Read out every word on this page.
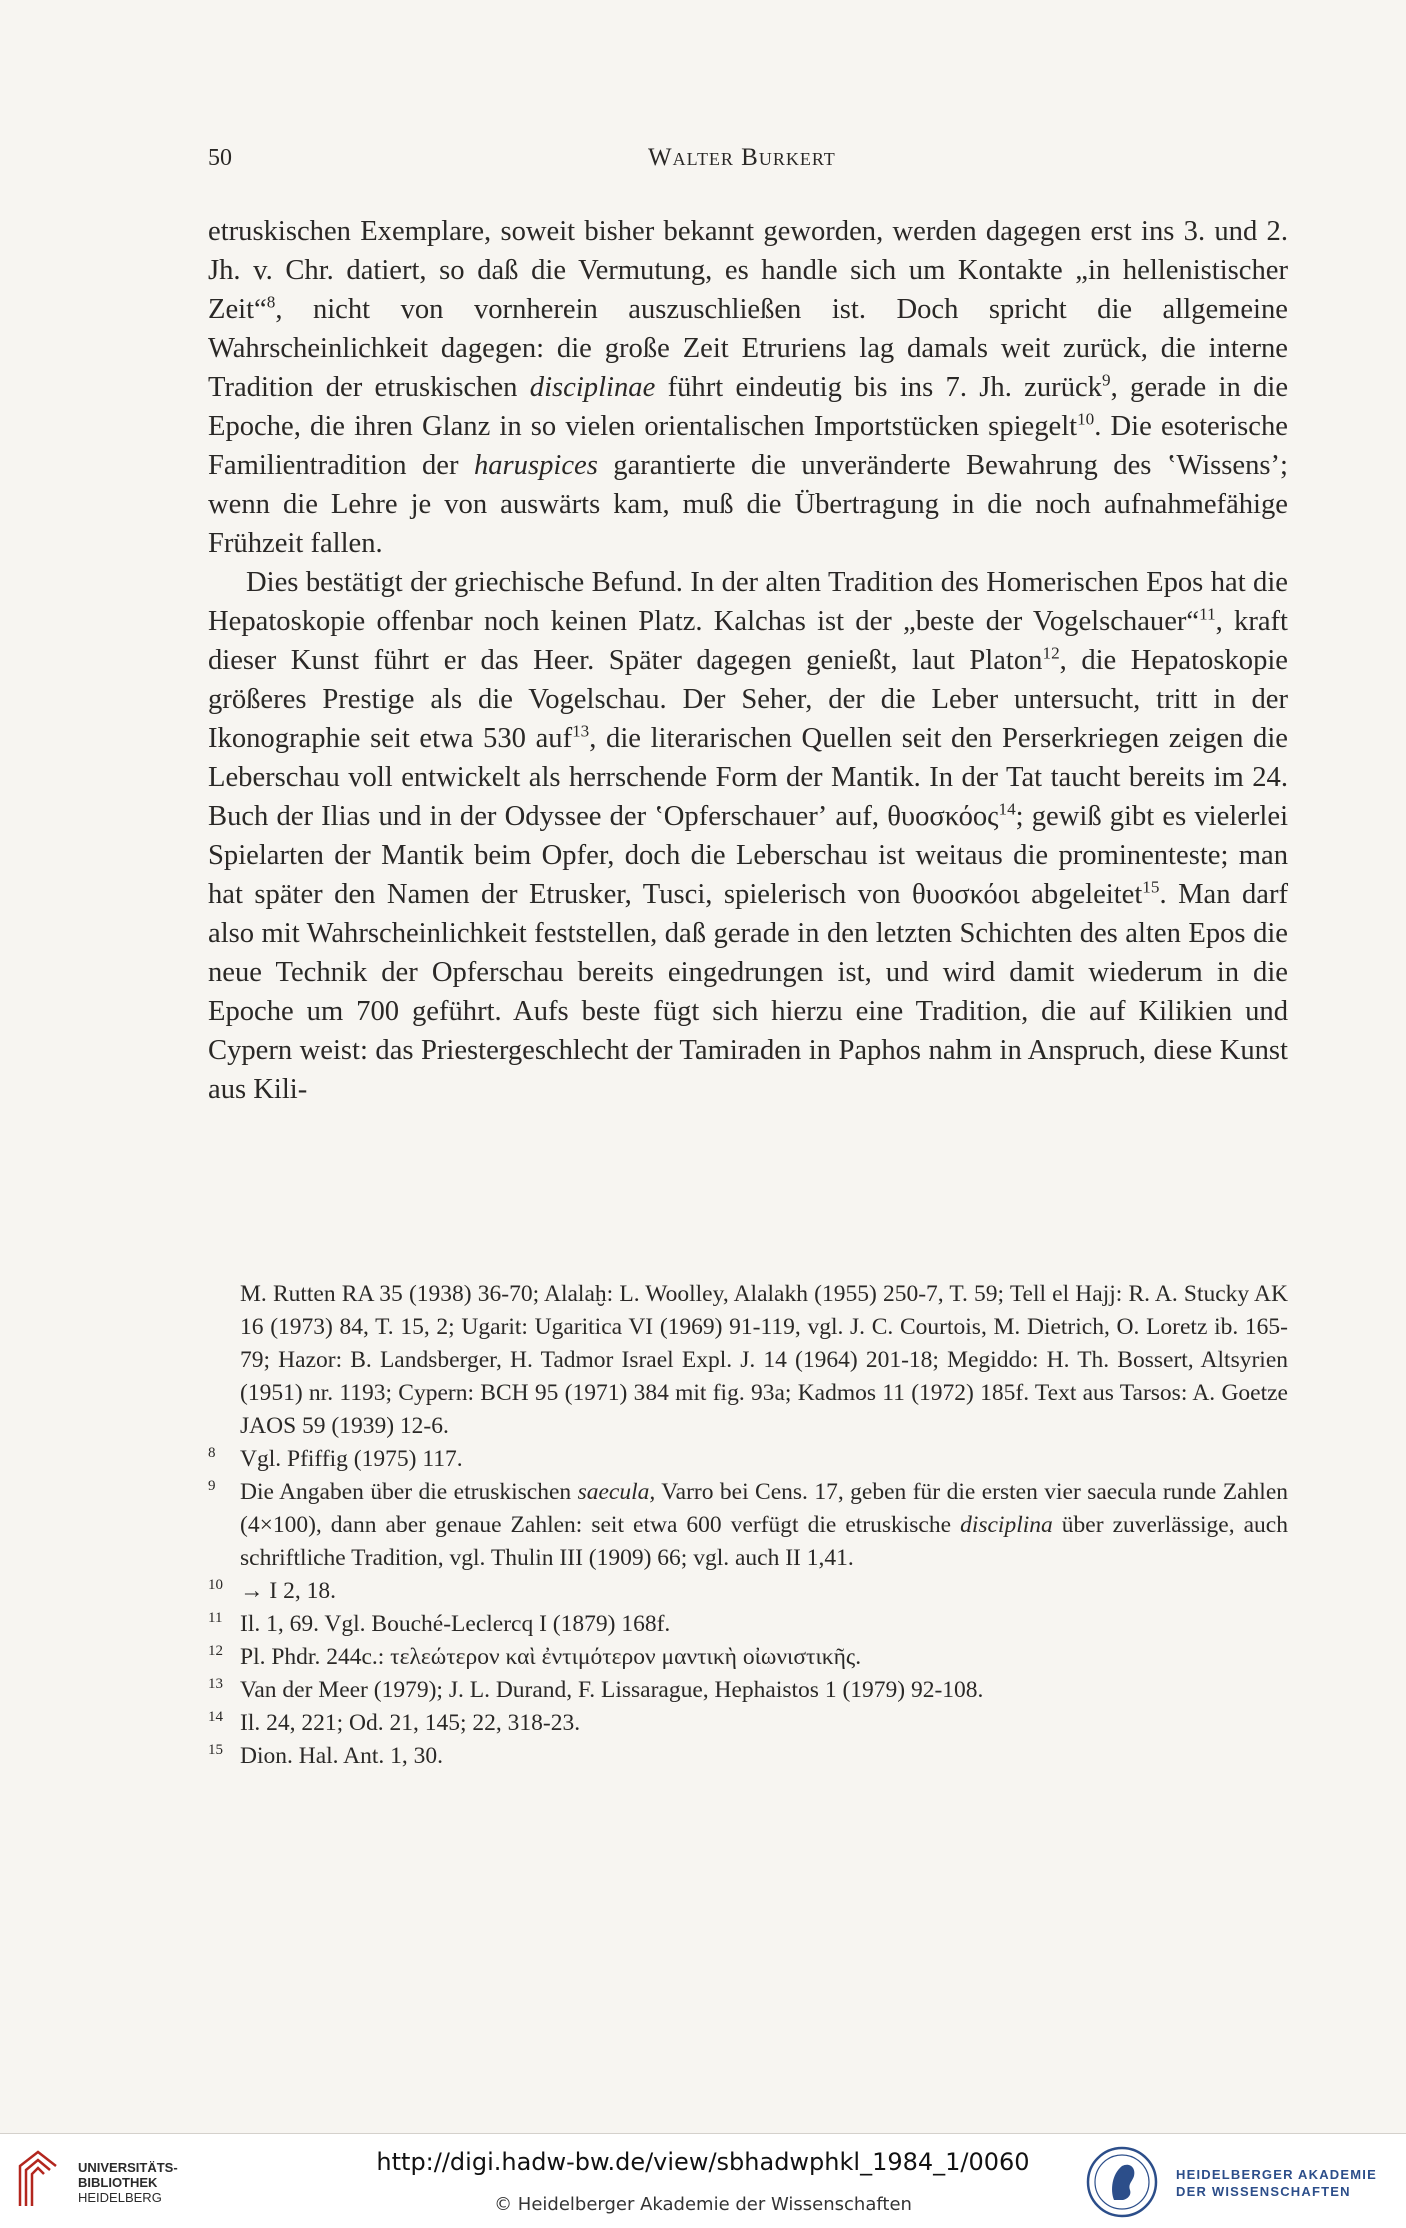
50	Walter Burkert

etruskischen Exemplare, soweit bisher bekannt geworden, werden dagegen erst ins 3. und 2. Jh. v. Chr. datiert, so daß die Vermutung, es handle sich um Kontakte „in hellenistischer Zeit“$^8$, nicht von vornherein auszuschließen ist. Doch spricht die allgemeine Wahrscheinlichkeit dagegen: die große Zeit Etruriens lag damals weit zurück, die interne Tradition der etruskischen disciplinae führt eindeutig bis ins 7. Jh. zurück$^9$, gerade in die Epoche, die ihren Glanz in so vielen orientalischen Importstücken spiegelt$^{10}$. Die esoterische Familientradition der haruspices garantierte die unveränderte Bewahrung des ʽWissensʼ; wenn die Lehre je von auswärts kam, muß die Übertragung in die noch aufnahmefähige Frühzeit fallen.

Dies bestätigt der griechische Befund. In der alten Tradition des Homerischen Epos hat die Hepatoskopie offenbar noch keinen Platz. Kalchas ist der „beste der Vogelschauer“$^{11}$, kraft dieser Kunst führt er das Heer. Später dagegen genießt, laut Platon$^{12}$, die Hepatoskopie größeres Prestige als die Vogelschau. Der Seher, der die Leber untersucht, tritt in der Ikonographie seit etwa 530 auf$^{13}$, die literarischen Quellen seit den Perserkriegen zeigen die Leberschau voll entwickelt als herrschende Form der Mantik. In der Tat taucht bereits im 24. Buch der Ilias und in der Odyssee der ʽOpferschauerʼ auf, θυοσκόος$^{14}$; gewiß gibt es vielerlei Spielarten der Mantik beim Opfer, doch die Leberschau ist weitaus die prominenteste; man hat später den Namen der Etrusker, Tusci, spielerisch von θυοσκόοι abgeleitet$^{15}$. Man darf also mit Wahrscheinlichkeit feststellen, daß gerade in den letzten Schichten des alten Epos die neue Technik der Opferschau bereits eingedrungen ist, und wird damit wiederum in die Epoche um 700 geführt. Aufs beste fügt sich hierzu eine Tradition, die auf Kilikien und Cypern weist: das Priestergeschlecht der Tamiraden in Paphos nahm in Anspruch, diese Kunst aus Kili-

M. Rutten RA 35 (1938) 36-70; Alalaḫ: L. Woolley, Alalakh (1955) 250-7, T. 59; Tell el Hajj: R. A. Stucky AK 16 (1973) 84, T. 15, 2; Ugarit: Ugaritica VI (1969) 91-119, vgl. J. C. Courtois, M. Dietrich, O. Loretz ib. 165-79; Hazor: B. Landsberger, H. Tadmor Israel Expl. J. 14 (1964) 201-18; Megiddo: H. Th. Bossert, Altsyrien (1951) nr. 1193; Cypern: BCH 95 (1971) 384 mit fig. 93a; Kadmos 11 (1972) 185f. Text aus Tarsos: A. Goetze JAOS 59 (1939) 12-6.

8 Vgl. Pfiffig (1975) 117.

9 Die Angaben über die etruskischen saecula, Varro bei Cens. 17, geben für die ersten vier saecula runde Zahlen (4×100), dann aber genaue Zahlen: seit etwa 600 verfügt die etruskische disciplina über zuverlässige, auch schriftliche Tradition, vgl. Thulin III (1909) 66; vgl. auch II 1,41.

10 → I 2, 18.

11 Il. 1, 69. Vgl. Bouché-Leclercq I (1879) 168f.

12 Pl. Phdr. 244c.: τελεώτερον καὶ ἐντιμότερον μαντικὴ οἰωνιστικῆς.

13 Van der Meer (1979); J. L. Durand, F. Lissarague, Hephaistos 1 (1979) 92-108.

14 Il. 24, 221; Od. 21, 145; 22, 318-23.

15 Dion. Hal. Ant. 1, 30.

UNIVERSITÄTS-
BIBLIOTHEK
HEIDELBERG
http://digi.hadw-bw.de/view/sbhadwphkl_1984_1/0060
© Heidelberger Akademie der Wissenschaften
HEIDELBERGER AKADEMIE
DER WISSENSCHAFTEN
